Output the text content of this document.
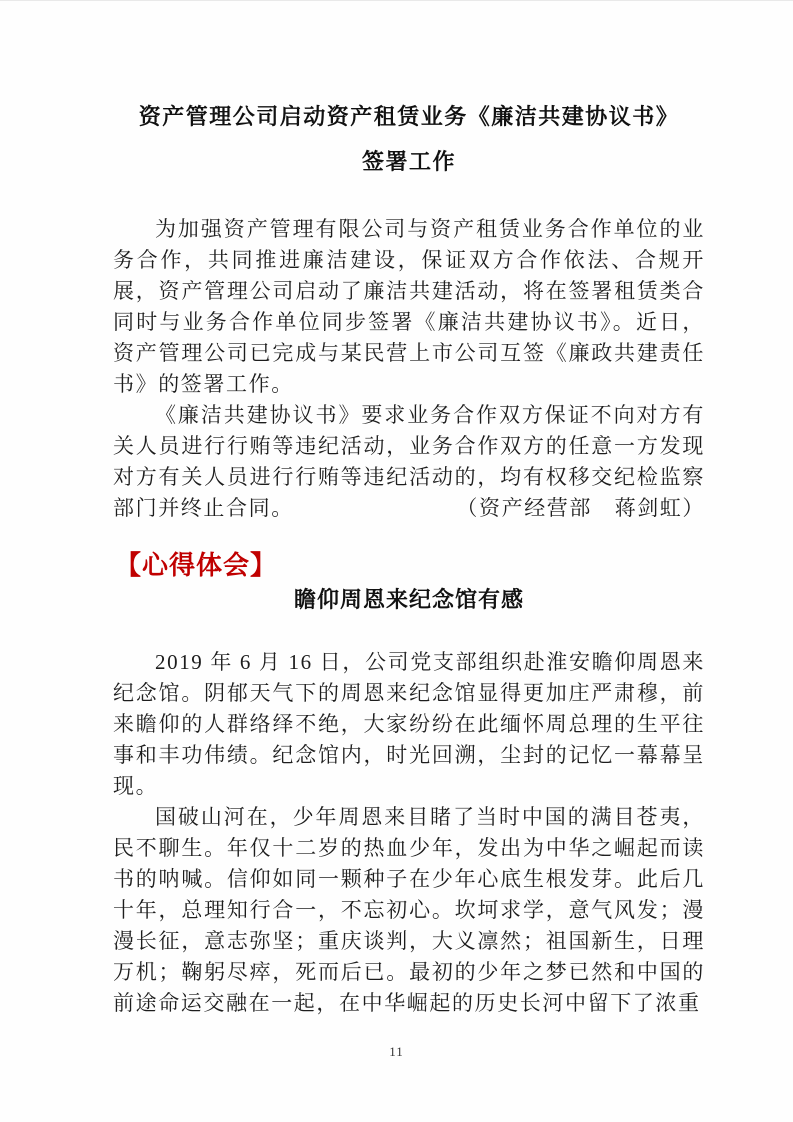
资产管理公司启动资产租赁业务《廉洁共建协议书》
签署工作

为加强资产管理有限公司与资产租赁业务合作单位的业务合作，共同推进廉洁建设，保证双方合作依法、合规开展，资产管理公司启动了廉洁共建活动，将在签署租赁类合同时与业务合作单位同步签署《廉洁共建协议书》。近日，资产管理公司已完成与某民营上市公司互签《廉政共建责任书》的签署工作。

《廉洁共建协议书》要求业务合作双方保证不向对方有关人员进行行贿等违纪活动，业务合作双方的任意一方发现对方有关人员进行行贿等违纪活动的，均有权移交纪检监察部门并终止合同。	（资产经营部　蒋剑虹）
【心得体会】
瞻仰周恩来纪念馆有感

2019 年 6 月 16 日，公司党支部组织赴淮安瞻仰周恩来纪念馆。阴郁天气下的周恩来纪念馆显得更加庄严肃穆，前来瞻仰的人群络绎不绝，大家纷纷在此缅怀周总理的生平往事和丰功伟绩。纪念馆内，时光回溯，尘封的记忆一幕幕呈现。

国破山河在，少年周恩来目睹了当时中国的满目苍夷，民不聊生。年仅十二岁的热血少年，发出为中华之崛起而读书的呐喊。信仰如同一颗种子在少年心底生根发芽。此后几十年，总理知行合一，不忘初心。坎坷求学，意气风发；漫漫长征，意志弥坚；重庆谈判，大义凛然；祖国新生，日理万机；鞠躬尽瘁，死而后已。最初的少年之梦已然和中国的前途命运交融在一起，在中华崛起的历史长河中留下了浓重

11
